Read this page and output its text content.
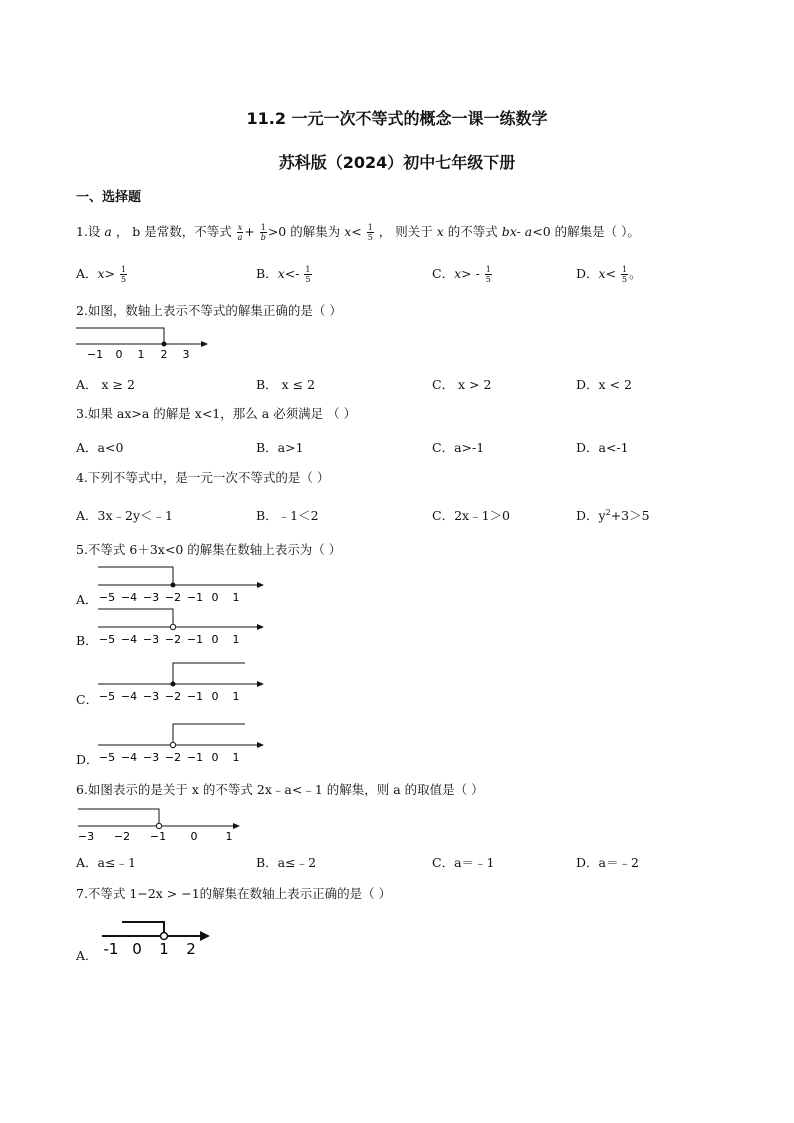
11.2 一元一次不等式的概念一课一练数学
苏科版（2024）初中七年级下册
一、选择题
1.设 a ， b 是常数，不等式 $\frac{x}{a} + \frac{1}{b} >0$ 的解集为 $x< \frac{1}{5}$ ， 则关于 x 的不等式 bx- a<0 的解集是（ ）。
A．$x> \frac{1}{5}$	B．$x<- \frac{1}{5}$	C．$x> - \frac{1}{5}$	D．$x< \frac{1}{5}$ 。
2.如图，数轴上表示不等式的解集正确的是（ ）
−1 0 1 2 3
A． x ≥ 2	B． x ≤ 2	C． x > 2	D．x < 2
3.如果 ax>a 的解是 x<1，那么 a 必须满足 （ ）
A．a<0	B．a>1	C．a>-1	D．a<-1
4.下列不等式中，是一元一次不等式的是（ ）
A．3x﹣2y＜﹣1	B．﹣1＜2	C．2x﹣1＞0	D．$y^2+3>5$
5.不等式 6＋3x<0 的解集在数轴上表示为（ ）
A． −5 −4 −3 −2 −1 0 1
B． −5 −4 −3 −2 −1 0 1
C． −5 −4 −3 −2 −1 0 1
D． −5 −4 −3 −2 −1 0 1
6.如图表示的是关于 x 的不等式 2x﹣a<﹣1 的解集，则 a 的取值是（ ）
−3 −2 −1 0	1
A．a≤﹣1	B．a≤﹣2	C．a＝﹣1	D．a＝﹣2
7.不等式 1−2x > −1的解集在数轴上表示正确的是（ ）
A． -1 0 1 2
